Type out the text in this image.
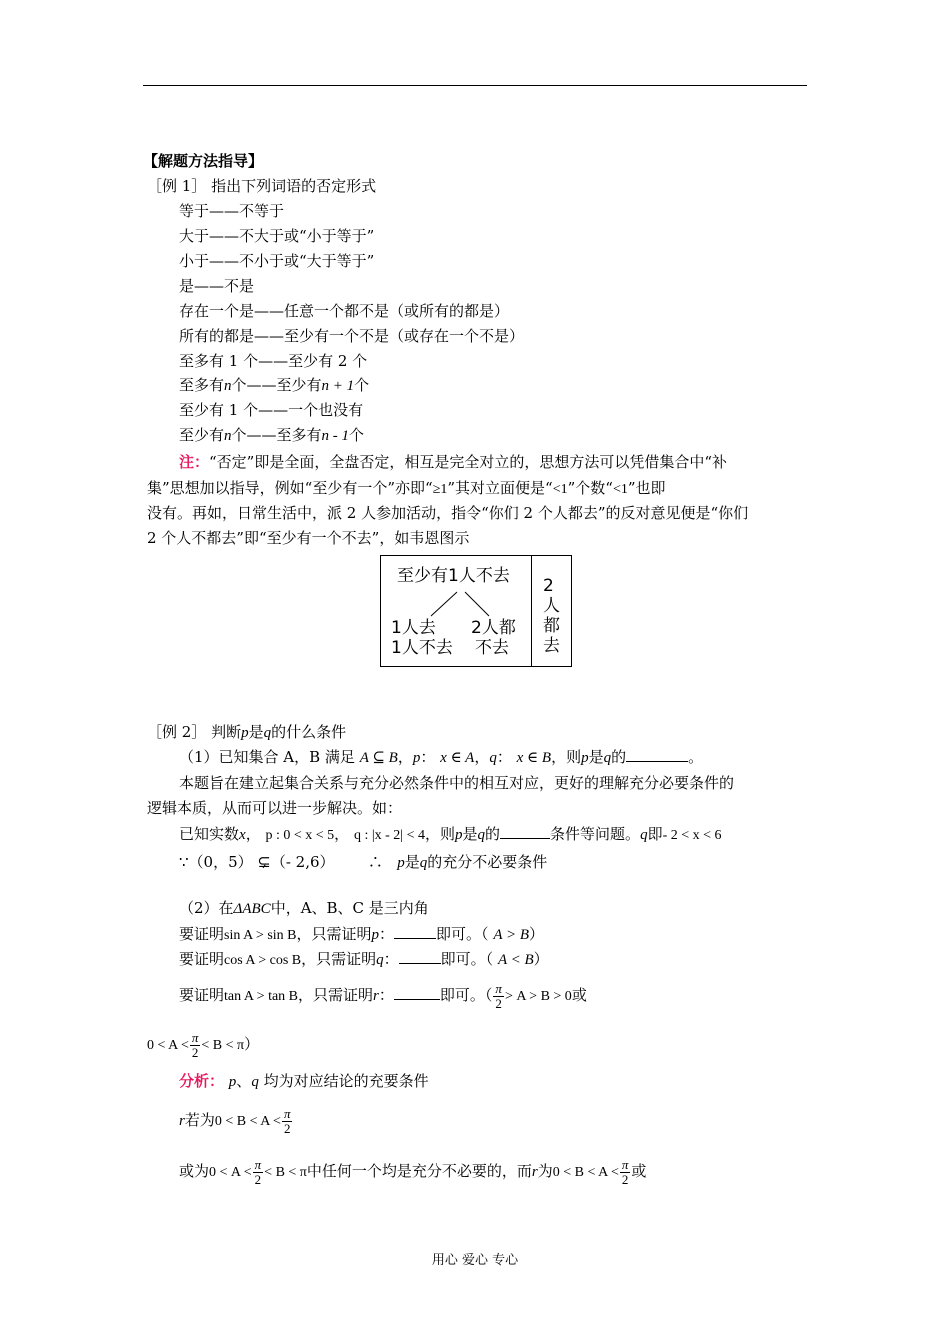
【解题方法指导】
［例 1］ 指出下列词语的否定形式
等于——不等于
大于——不大于或“小于等于”
小于——不小于或“大于等于”
是——不是
存在一个是——任意一个都不是（或所有的都是）
所有的都是——至少有一个不是（或存在一个不是）
至多有 1 个——至少有 2 个
至多有n个——至少有n + 1个
至少有 1 个——一个也没有
至少有n个——至多有n - 1个
注：“否定”即是全面，全盘否定，相互是完全对立的，思想方法可以凭借集合中“补
集”思想加以指导，例如“至少有一个”亦即“≥1”其对立面便是“<1”个数“<1”也即
没有。再如，日常生活中，派 2 人参加活动，指令“你们 2 个人都去”的反对意见便是“你们
2 个人不都去”即“至少有一个不去”，如韦恩图示
至少有1人不去
1人去
1人不去
2人都
不去
2
人
都
去
［例 2］ 判断p是q的什么条件
（1）已知集合 A，B 满足 A ⊆ B，p： x ∈ A，q： x ∈ B，则p是q的	。
本题旨在建立起集合关系与充分必然条件中的相互对应，更好的理解充分必要条件的
逻辑本质，从而可以进一步解决。如：
已知实数x， p : 0 < x < 5， q : |x - 2| < 4，则p是q的	条件等问题。q即- 2 < x < 6
∵（0，5） ⊊（- 2,6） ∴ p是q的充分不必要条件
（2）在ΔABC中，A、B、C 是三内角
要证明sin A > sin B，只需证明p：	即可。（ A > B）
要证明cos A > cos B，只需证明q：	即可。（ A < B）
要证明tan A > tan B，只需证明r：	即可。（ $\frac{\pi}{2} > A > B > 0$或
$0 < A < \frac{\pi}{2} < B < \pi$）
分析： p、q 均为对应结论的充要条件
r若为$0 < B < A < \frac{\pi}{2}$
或为$0 < A < \frac{\pi}{2} < B < \pi$中任何一个均是充分不必要的，而r为$0 < B < A < \frac{\pi}{2}$ 或
用心 爱心 专心
